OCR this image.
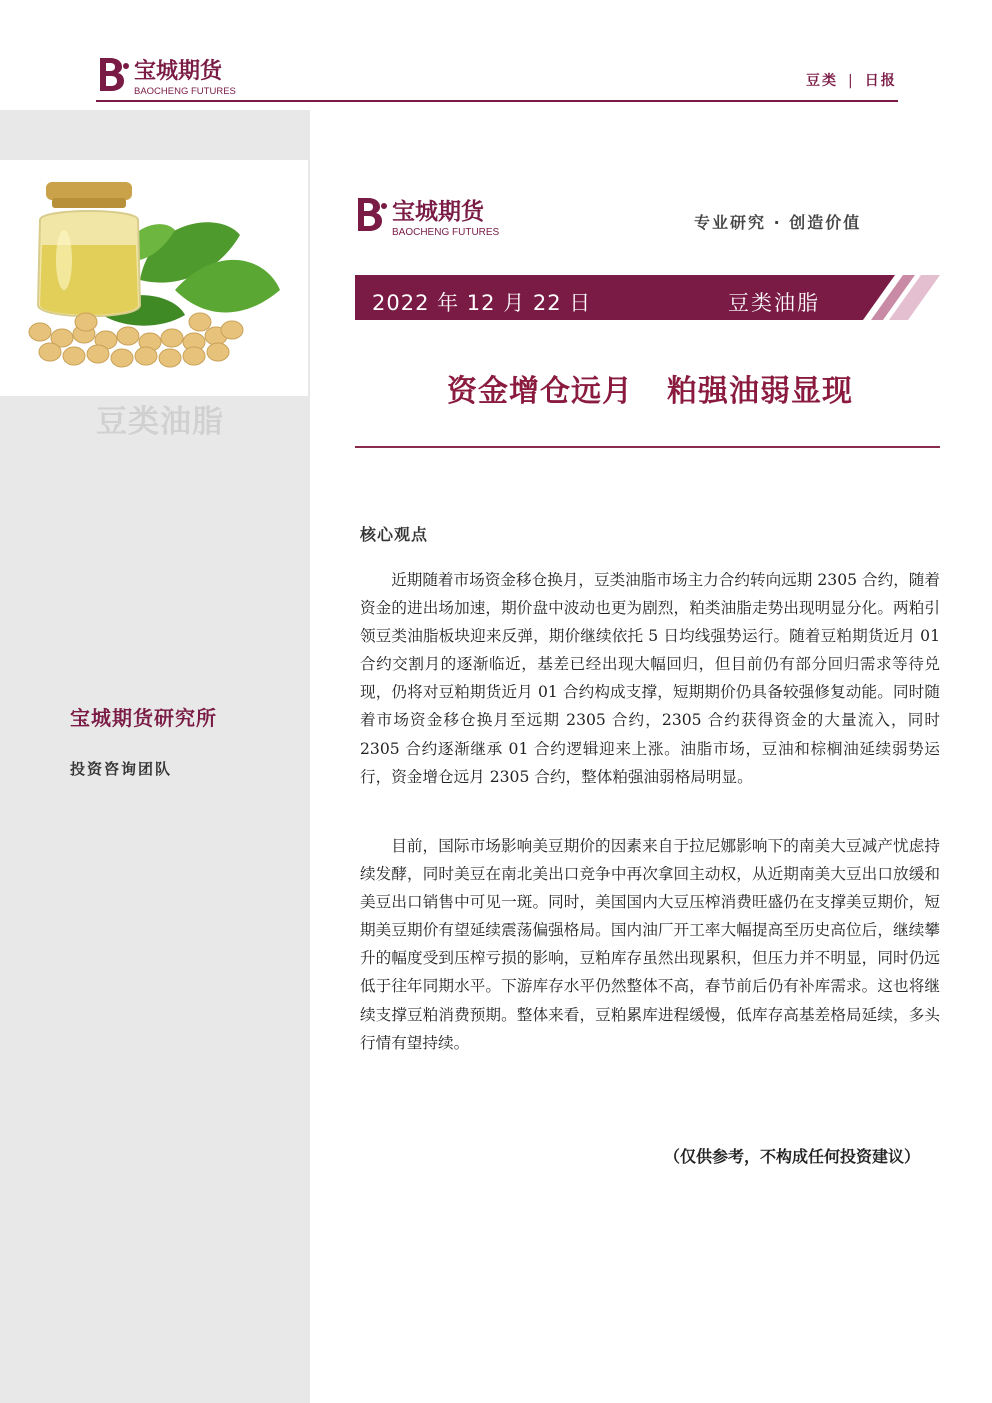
宝城期货
BAOCHENG FUTURES
豆类 | 日报
豆类油脂
宝城期货研究所
投资咨询团队
宝城期货
BAOCHENG FUTURES
专业研究 · 创造价值
2022 年 12 月 22 日	豆类油脂
资金增仓远月 粕强油弱显现
核心观点

近期随着市场资金移仓换月，豆类油脂市场主力合约转向远期 2305 合约，随着资金的进出场加速，期价盘中波动也更为剧烈，粕类油脂走势出现明显分化。两粕引领豆类油脂板块迎来反弹，期价继续依托 5 日均线强势运行。随着豆粕期货近月 01 合约交割月的逐渐临近，基差已经出现大幅回归，但目前仍有部分回归需求等待兑现，仍将对豆粕期货近月 01 合约构成支撑，短期期价仍具备较强修复动能。同时随着市场资金移仓换月至远期 2305 合约，2305 合约获得资金的大量流入，同时 2305 合约逐渐继承 01 合约逻辑迎来上涨。油脂市场，豆油和棕榈油延续弱势运行，资金增仓远月 2305 合约，整体粕强油弱格局明显。

目前，国际市场影响美豆期价的因素来自于拉尼娜影响下的南美大豆减产忧虑持续发酵，同时美豆在南北美出口竞争中再次拿回主动权，从近期南美大豆出口放缓和美豆出口销售中可见一斑。同时，美国国内大豆压榨消费旺盛仍在支撑美豆期价，短期美豆期价有望延续震荡偏强格局。国内油厂开工率大幅提高至历史高位后，继续攀升的幅度受到压榨亏损的影响，豆粕库存虽然出现累积，但压力并不明显，同时仍远低于往年同期水平。下游库存水平仍然整体不高，春节前后仍有补库需求。这也将继续支撑豆粕消费预期。整体来看，豆粕累库进程缓慢，低库存高基差格局延续，多头行情有望持续。

（仅供参考，不构成任何投资建议）
